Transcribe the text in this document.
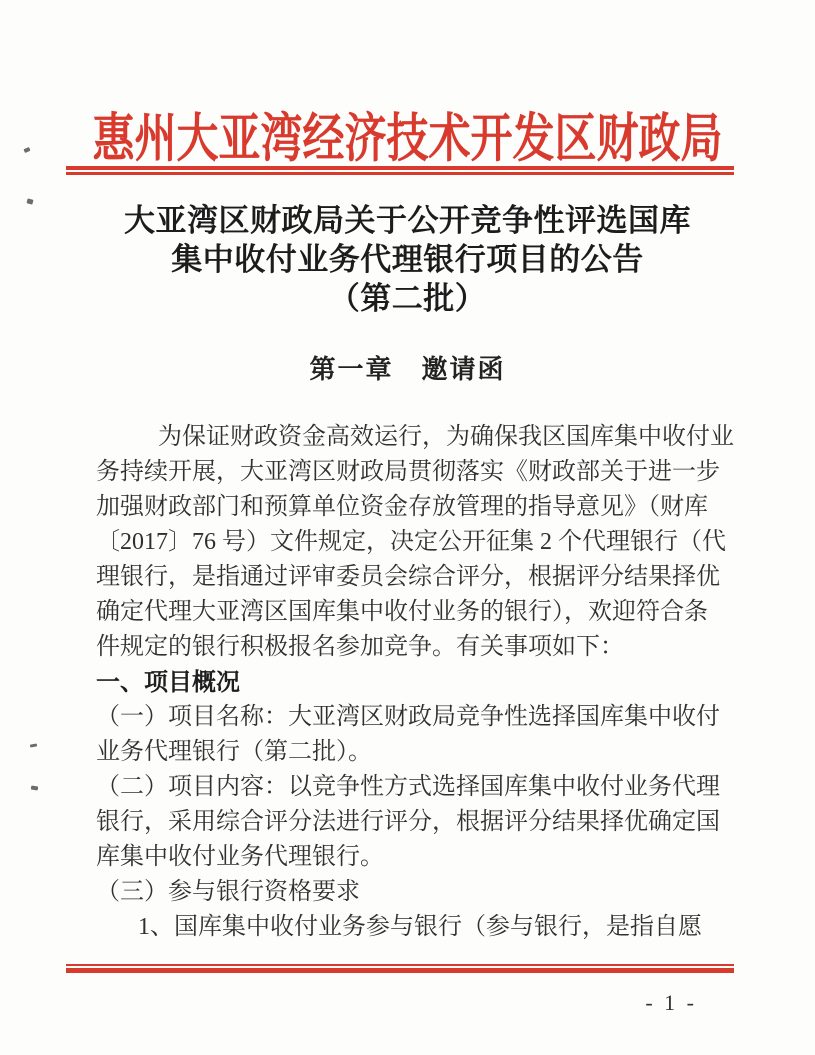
惠州大亚湾经济技术开发区财政局
大亚湾区财政局关于公开竞争性评选国库
集中收付业务代理银行项目的公告
（第二批）
第一章　邀请函
为保证财政资金高效运行，为确保我区国库集中收付业
务持续开展，大亚湾区财政局贯彻落实《财政部关于进一步
加强财政部门和预算单位资金存放管理的指导意见》（财库
〔2017〕76 号）文件规定，决定公开征集 2 个代理银行（代
理银行，是指通过评审委员会综合评分，根据评分结果择优
确定代理大亚湾区国库集中收付业务的银行），欢迎符合条
件规定的银行积极报名参加竞争。有关事项如下：
一、项目概况
（一）项目名称：大亚湾区财政局竞争性选择国库集中收付
业务代理银行（第二批）。
（二）项目内容：以竞争性方式选择国库集中收付业务代理
银行，采用综合评分法进行评分，根据评分结果择优确定国
库集中收付业务代理银行。
（三）参与银行资格要求
1、国库集中收付业务参与银行（参与银行，是指自愿
- 1 -
